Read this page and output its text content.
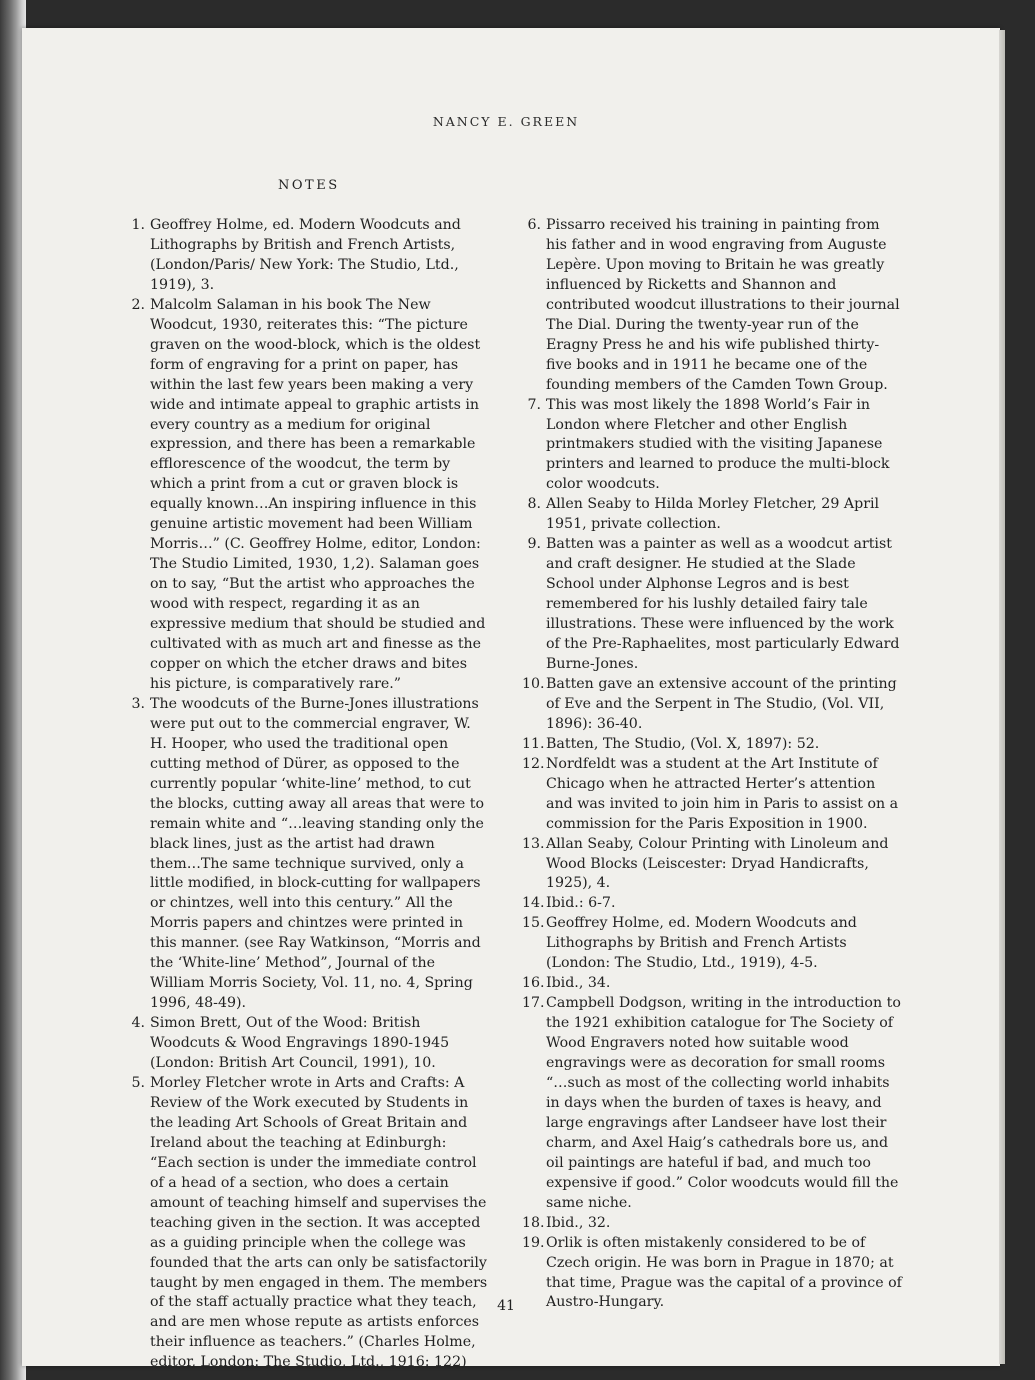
NANCY E. GREEN
NOTES

1. Geoffrey Holme, ed. Modern Woodcuts and Lithographs by British and French Artists, (London/Paris/ New York: The Studio, Ltd., 1919), 3.

2. Malcolm Salaman in his book The New Woodcut, 1930, reiterates this: “The picture graven on the wood-block, which is the oldest form of engraving for a print on paper, has within the last few years been making a very wide and intimate appeal to graphic artists in every country as a medium for original expression, and there has been a remarkable efflorescence of the woodcut, the term by which a print from a cut or graven block is equally known…An inspiring influence in this genuine artistic movement had been William Morris…” (C. Geoffrey Holme, editor, London: The Studio Limited, 1930, 1,2). Salaman goes on to say, “But the artist who approaches the wood with respect, regarding it as an expressive medium that should be studied and cultivated with as much art and finesse as the copper on which the etcher draws and bites his picture, is comparatively rare.”

3. The woodcuts of the Burne-Jones illustrations were put out to the commercial engraver, W. H. Hooper, who used the traditional open cutting method of Dürer, as opposed to the currently popular ‘white-line’ method, to cut the blocks, cutting away all areas that were to remain white and “…leaving standing only the black lines, just as the artist had drawn them…The same technique survived, only a little modified, in block-cutting for wallpapers or chintzes, well into this century.” All the Morris papers and chintzes were printed in this manner. (see Ray Watkinson, “Morris and the ‘White-line’ Method”, Journal of the William Morris Society, Vol. 11, no. 4, Spring 1996, 48-49).

4. Simon Brett, Out of the Wood: British Woodcuts & Wood Engravings 1890-1945 (London: British Art Council, 1991), 10.

5. Morley Fletcher wrote in Arts and Crafts: A Review of the Work executed by Students in the leading Art Schools of Great Britain and Ireland about the teaching at Edinburgh: “Each section is under the immediate control of a head of a section, who does a certain amount of teaching himself and supervises the teaching given in the section. It was accepted as a guiding principle when the college was founded that the arts can only be satisfactorily taught by men engaged in them. The members of the staff actually practice what they teach, and are men whose repute as artists enforces their influence as teachers.” (Charles Holme, editor, London: The Studio, Ltd., 1916: 122)

6. Pissarro received his training in painting from his father and in wood engraving from Auguste Lepère. Upon moving to Britain he was greatly influenced by Ricketts and Shannon and contributed woodcut illustrations to their journal The Dial. During the twenty-year run of the Eragny Press he and his wife published thirty-five books and in 1911 he became one of the founding members of the Camden Town Group.

7. This was most likely the 1898 World’s Fair in London where Fletcher and other English printmakers studied with the visiting Japanese printers and learned to produce the multi-block color woodcuts.

8. Allen Seaby to Hilda Morley Fletcher, 29 April 1951, private collection.

9. Batten was a painter as well as a woodcut artist and craft designer. He studied at the Slade School under Alphonse Legros and is best remembered for his lushly detailed fairy tale illustrations. These were influenced by the work of the Pre-Raphaelites, most particularly Edward Burne-Jones.

10. Batten gave an extensive account of the printing of Eve and the Serpent in The Studio, (Vol. VII, 1896): 36-40.

11. Batten, The Studio, (Vol. X, 1897): 52.

12. Nordfeldt was a student at the Art Institute of Chicago when he attracted Herter’s attention and was invited to join him in Paris to assist on a commission for the Paris Exposition in 1900.

13. Allan Seaby, Colour Printing with Linoleum and Wood Blocks (Leiscester: Dryad Handicrafts, 1925), 4.

14. Ibid.: 6-7.

15. Geoffrey Holme, ed. Modern Woodcuts and Lithographs by British and French Artists (London: The Studio, Ltd., 1919), 4-5.

16. Ibid., 34.

17. Campbell Dodgson, writing in the introduction to the 1921 exhibition catalogue for The Society of Wood Engravers noted how suitable wood engravings were as decoration for small rooms “…such as most of the collecting world inhabits in days when the burden of taxes is heavy, and large engravings after Landseer have lost their charm, and Axel Haig’s cathedrals bore us, and oil paintings are hateful if bad, and much too expensive if good.” Color woodcuts would fill the same niche.

18. Ibid., 32.

19. Orlik is often mistakenly considered to be of Czech origin. He was born in Prague in 1870; at that time, Prague was the capital of a province of Austro-Hungary.

41
